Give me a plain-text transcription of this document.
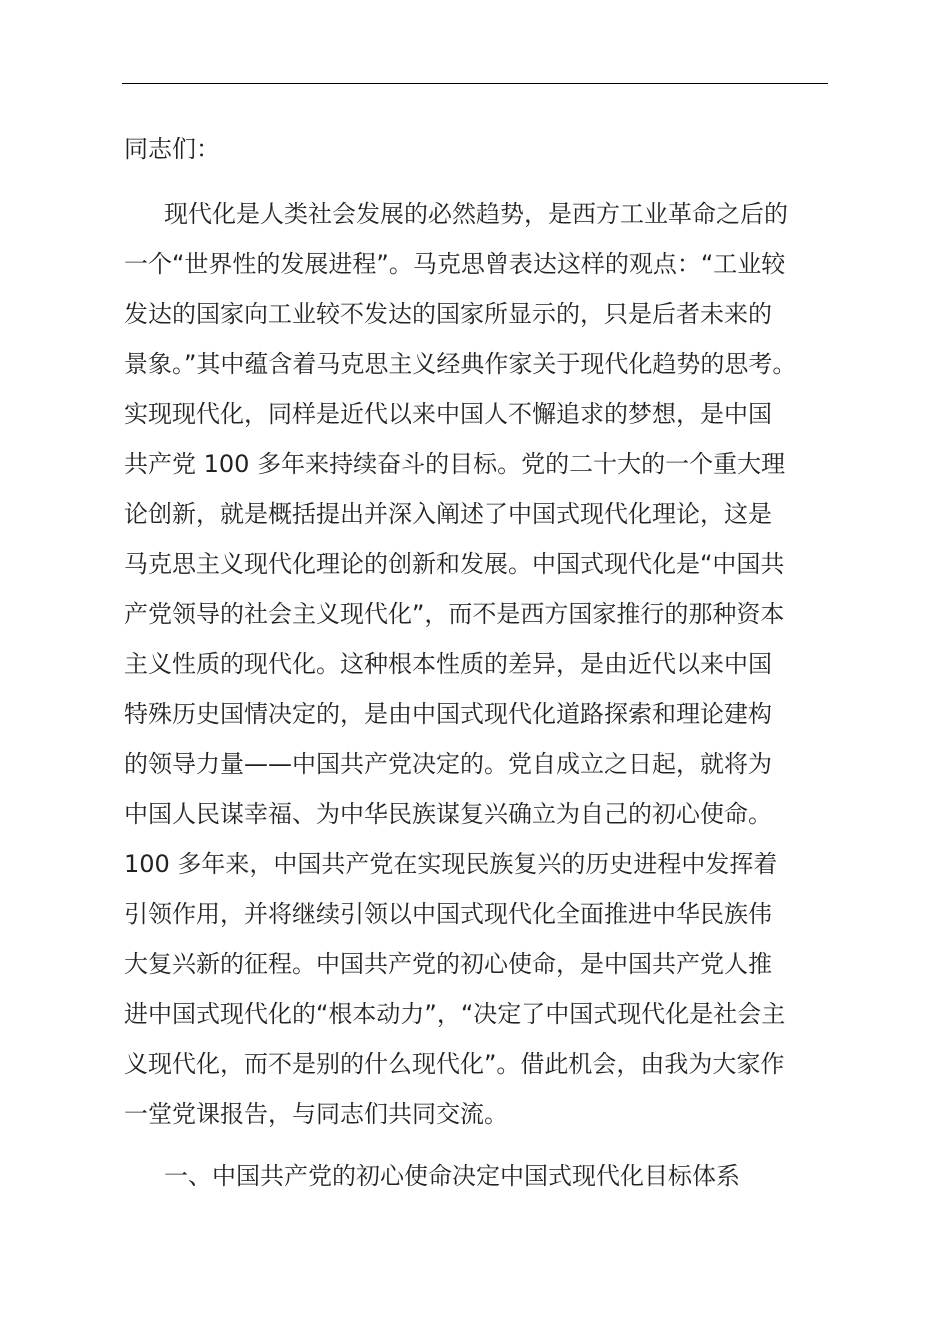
同志们：

现代化是人类社会发展的必然趋势，是西方工业革命之后的
一个“世界性的发展进程”。马克思曾表达这样的观点：“工业较
发达的国家向工业较不发达的国家所显示的，只是后者未来的
景象。”其中蕴含着马克思主义经典作家关于现代化趋势的思考。
实现现代化，同样是近代以来中国人不懈追求的梦想，是中国
共产党 100 多年来持续奋斗的目标。党的二十大的一个重大理
论创新，就是概括提出并深入阐述了中国式现代化理论，这是
马克思主义现代化理论的创新和发展。中国式现代化是“中国共
产党领导的社会主义现代化”，而不是西方国家推行的那种资本
主义性质的现代化。这种根本性质的差异，是由近代以来中国
特殊历史国情决定的，是由中国式现代化道路探索和理论建构
的领导力量——中国共产党决定的。党自成立之日起，就将为
中国人民谋幸福、为中华民族谋复兴确立为自己的初心使命。
100 多年来，中国共产党在实现民族复兴的历史进程中发挥着
引领作用，并将继续引领以中国式现代化全面推进中华民族伟
大复兴新的征程。中国共产党的初心使命，是中国共产党人推
进中国式现代化的“根本动力”，“决定了中国式现代化是社会主
义现代化，而不是别的什么现代化”。借此机会，由我为大家作
一堂党课报告，与同志们共同交流。
一、中国共产党的初心使命决定中国式现代化目标体系
